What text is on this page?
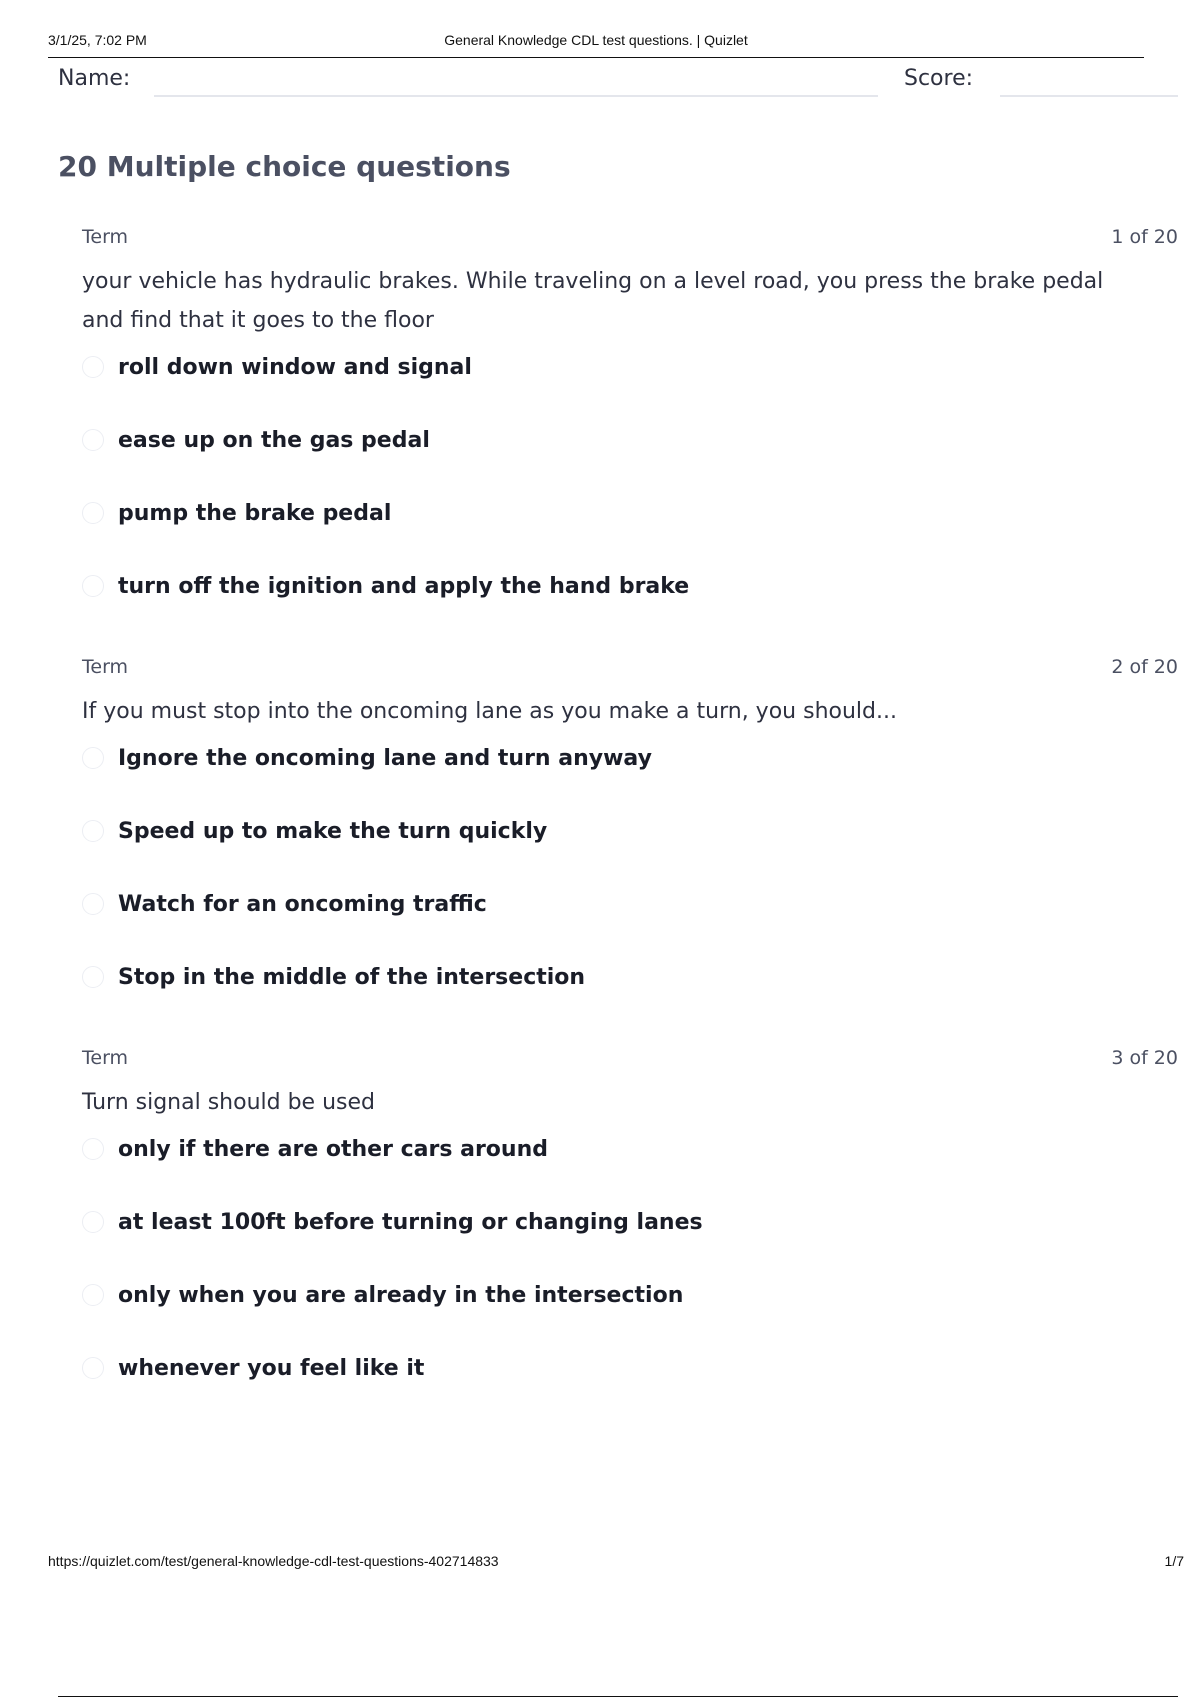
3/1/25, 7:02 PM	General Knowledge CDL test questions. | Quizlet
Name:	Score:
20 Multiple choice questions
Term	1 of 20

your vehicle has hydraulic brakes. While traveling on a level road, you press the brake pedal and find that it goes to the floor

roll down window and signal
ease up on the gas pedal
pump the brake pedal
turn off the ignition and apply the hand brake
Term	2 of 20

If you must stop into the oncoming lane as you make a turn, you should...

Ignore the oncoming lane and turn anyway
Speed up to make the turn quickly
Watch for an oncoming traffic
Stop in the middle of the intersection
Term	3 of 20

Turn signal should be used

only if there are other cars around
at least 100ft before turning or changing lanes
only when you are already in the intersection
whenever you feel like it
https://quizlet.com/test/general-knowledge-cdl-test-questions-402714833	1/7
